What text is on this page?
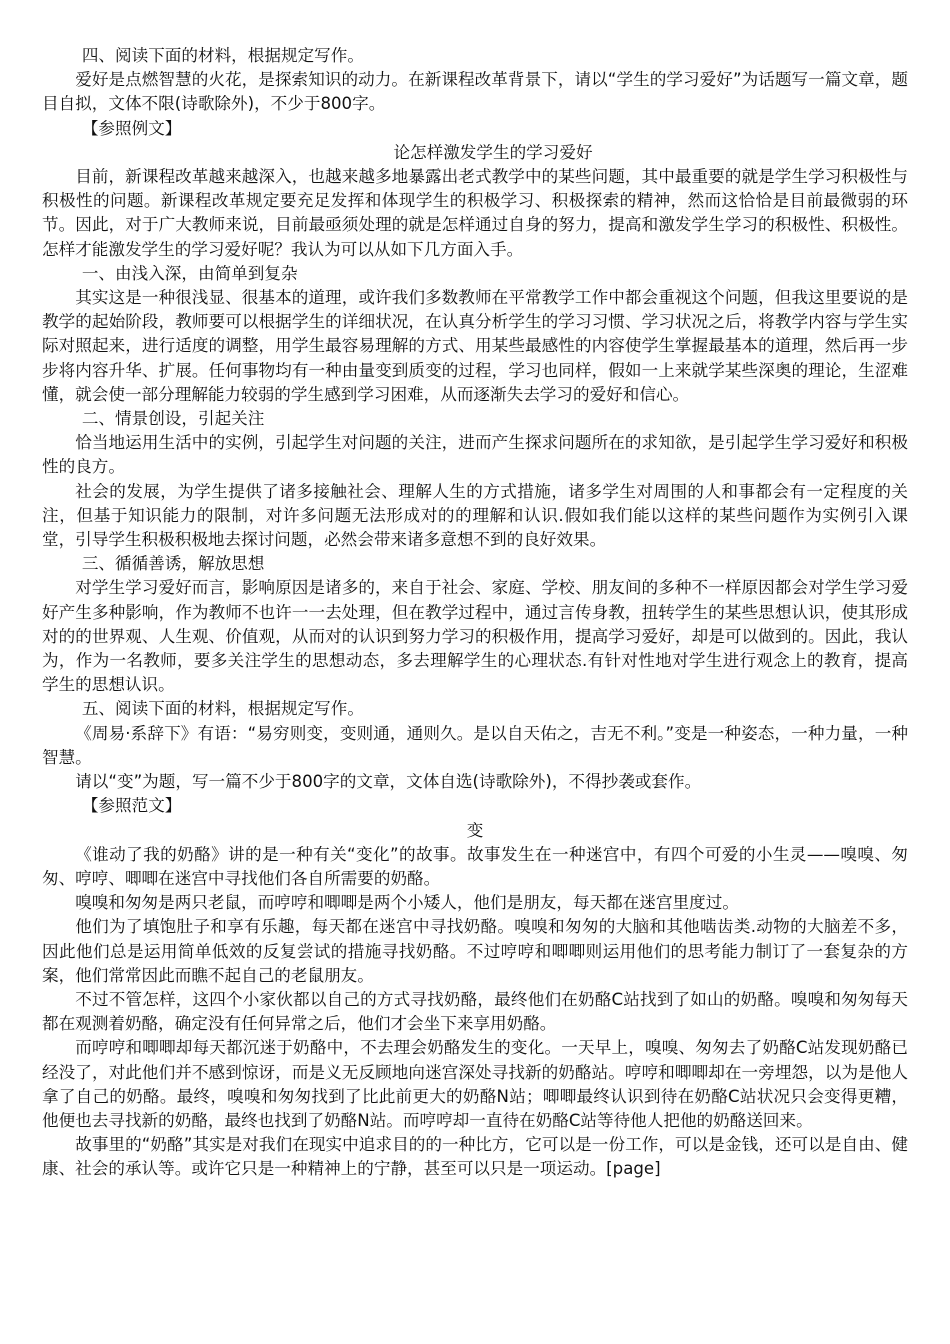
四、阅读下面的材料，根据规定写作。

爱好是点燃智慧的火花，是探索知识的动力。在新课程改革背景下，请以“学生的学习爱好”为话题写一篇文章，题目自拟，文体不限(诗歌除外)，不少于800字。

【参照例文】

论怎样激发学生的学习爱好

目前，新课程改革越来越深入，也越来越多地暴露出老式教学中的某些问题，其中最重要的就是学生学习积极性与积极性的问题。新课程改革规定要充足发挥和体现学生的积极学习、积极探索的精神，然而这恰恰是目前最微弱的环节。因此，对于广大教师来说，目前最亟须处理的就是怎样通过自身的努力，提高和激发学生学习的积极性、积极性。怎样才能激发学生的学习爱好呢？我认为可以从如下几方面入手。

一、由浅入深，由简单到复杂

其实这是一种很浅显、很基本的道理，或许我们多数教师在平常教学工作中都会重视这个问题，但我这里要说的是教学的起始阶段，教师要可以根据学生的详细状况，在认真分析学生的学习习惯、学习状况之后，将教学内容与学生实际对照起来，进行适度的调整，用学生最容易理解的方式、用某些最感性的内容使学生掌握最基本的道理，然后再一步步将内容升华、扩展。任何事物均有一种由量变到质变的过程，学习也同样，假如一上来就学某些深奥的理论，生涩难懂，就会使一部分理解能力较弱的学生感到学习困难，从而逐渐失去学习的爱好和信心。

二、情景创设，引起关注

恰当地运用生活中的实例，引起学生对问题的关注，进而产生探求问题所在的求知欲，是引起学生学习爱好和积极性的良方。

社会的发展，为学生提供了诸多接触社会、理解人生的方式措施，诸多学生对周围的人和事都会有一定程度的关注，但基于知识能力的限制，对许多问题无法形成对的的理解和认识.假如我们能以这样的某些问题作为实例引入课堂，引导学生积极积极地去探讨问题，必然会带来诸多意想不到的良好效果。

三、循循善诱，解放思想

对学生学习爱好而言，影响原因是诸多的，来自于社会、家庭、学校、朋友间的多种不一样原因都会对学生学习爱好产生多种影响，作为教师不也许一一去处理，但在教学过程中，通过言传身教，扭转学生的某些思想认识，使其形成对的的世界观、人生观、价值观，从而对的认识到努力学习的积极作用，提高学习爱好，却是可以做到的。因此，我认为，作为一名教师，要多关注学生的思想动态，多去理解学生的心理状态.有针对性地对学生进行观念上的教育，提高学生的思想认识。

五、阅读下面的材料，根据规定写作。

《周易·系辞下》有语：“易穷则变，变则通，通则久。是以自天佑之，吉无不利。”变是一种姿态，一种力量，一种智慧。

请以“变”为题，写一篇不少于800字的文章，文体自选(诗歌除外)，不得抄袭或套作。

【参照范文】

变

《谁动了我的奶酪》讲的是一种有关“变化”的故事。故事发生在一种迷宫中，有四个可爱的小生灵——嗅嗅、匆匆、哼哼、唧唧在迷宫中寻找他们各自所需要的奶酪。

嗅嗅和匆匆是两只老鼠，而哼哼和唧唧是两个小矮人，他们是朋友，每天都在迷宫里度过。

他们为了填饱肚子和享有乐趣，每天都在迷宫中寻找奶酪。嗅嗅和匆匆的大脑和其他啮齿类.动物的大脑差不多，因此他们总是运用简单低效的反复尝试的措施寻找奶酪。不过哼哼和唧唧则运用他们的思考能力制订了一套复杂的方案，他们常常因此而瞧不起自己的老鼠朋友。

不过不管怎样，这四个小家伙都以自己的方式寻找奶酪，最终他们在奶酪C站找到了如山的奶酪。嗅嗅和匆匆每天都在观测着奶酪，确定没有任何异常之后，他们才会坐下来享用奶酪。

而哼哼和唧唧却每天都沉迷于奶酪中，不去理会奶酪发生的变化。一天早上，嗅嗅、匆匆去了奶酪C站发现奶酪已经没了，对此他们并不感到惊讶，而是义无反顾地向迷宫深处寻找新的奶酪站。哼哼和唧唧却在一旁埋怨，以为是他人拿了自己的奶酪。最终，嗅嗅和匆匆找到了比此前更大的奶酪N站；唧唧最终认识到待在奶酪C站状况只会变得更糟，他便也去寻找新的奶酪，最终也找到了奶酪N站。而哼哼却一直待在奶酪C站等待他人把他的奶酪送回来。

故事里的“奶酪”其实是对我们在现实中追求目的的一种比方，它可以是一份工作，可以是金钱，还可以是自由、健康、社会的承认等。或许它只是一种精神上的宁静，甚至可以只是一项运动。[page]
